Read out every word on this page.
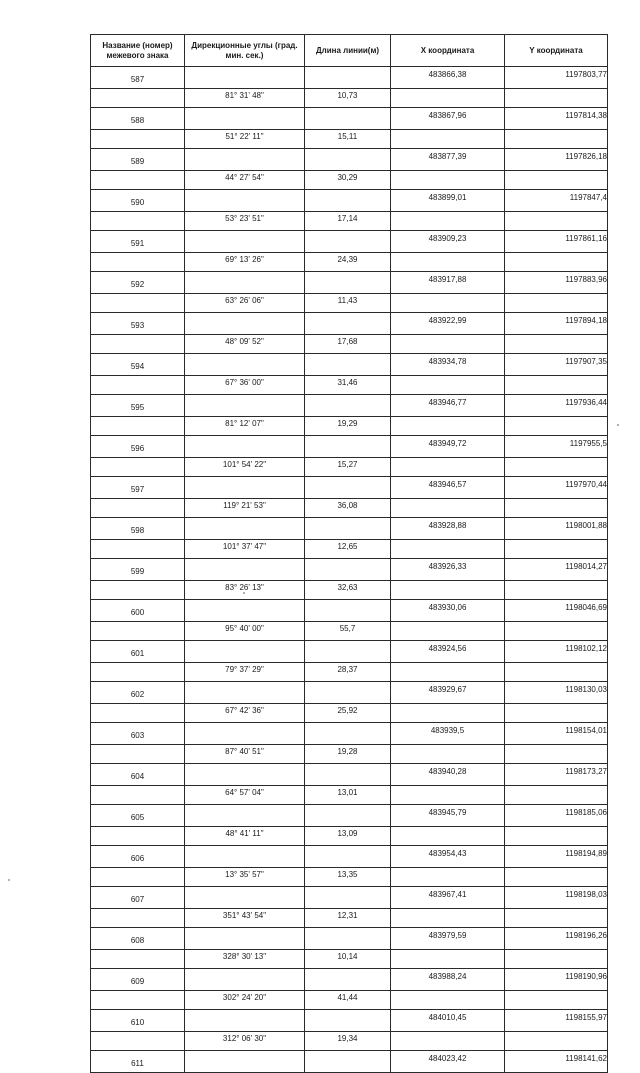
Название (номер) межевого знака	Дирекционные углы (град. мин. сек.)	Длина линии(м)	X координата	Y координата
587			483866,38	1197803,77
	81° 31' 48"	10,73		
588			483867,96	1197814,38
	51° 22' 11"	15,11		
589			483877,39	1197826,18
	44° 27' 54"	30,29		
590			483899,01	1197847,4
	53° 23' 51"	17,14		
591			483909,23	1197861,16
	69° 13' 26"	24,39		
592			483917,88	1197883,96
	63° 26' 06"	11,43		
593			483922,99	1197894,18
	48° 09' 52"	17,68		
594			483934,78	1197907,35
	67° 36' 00"	31,46		
595			483946,77	1197936,44
	81° 12' 07"	19,29		
596			483949,72	1197955,5
	101° 54' 22"	15,27		
597			483946,57	1197970,44
	119° 21' 53"	36,08		
598			483928,88	1198001,88
	101° 37' 47"	12,65		
599			483926,33	1198014,27
	83° 26' 13"	32,63		
600			483930,06	1198046,69
	95° 40' 00"	55,7		
601			483924,56	1198102,12
	79° 37' 29"	28,37		
602			483929,67	1198130,03
	67° 42' 36"	25,92		
603			483939,5	1198154,01
	87° 40' 51"	19,28		
604			483940,28	1198173,27
	64° 57' 04"	13,01		
605			483945,79	1198185,06
	48° 41' 11"	13,09		
606			483954,43	1198194,89
	13° 35' 57"	13,35		
607			483967,41	1198198,03
	351° 43' 54"	12,31		
608			483979,59	1198196,26
	328° 30' 13"	10,14		
609			483988,24	1198190,96
	302° 24' 20"	41,44		
610			484010,45	1198155,97
	312° 06' 30"	19,34		
611			484023,42	1198141,62
